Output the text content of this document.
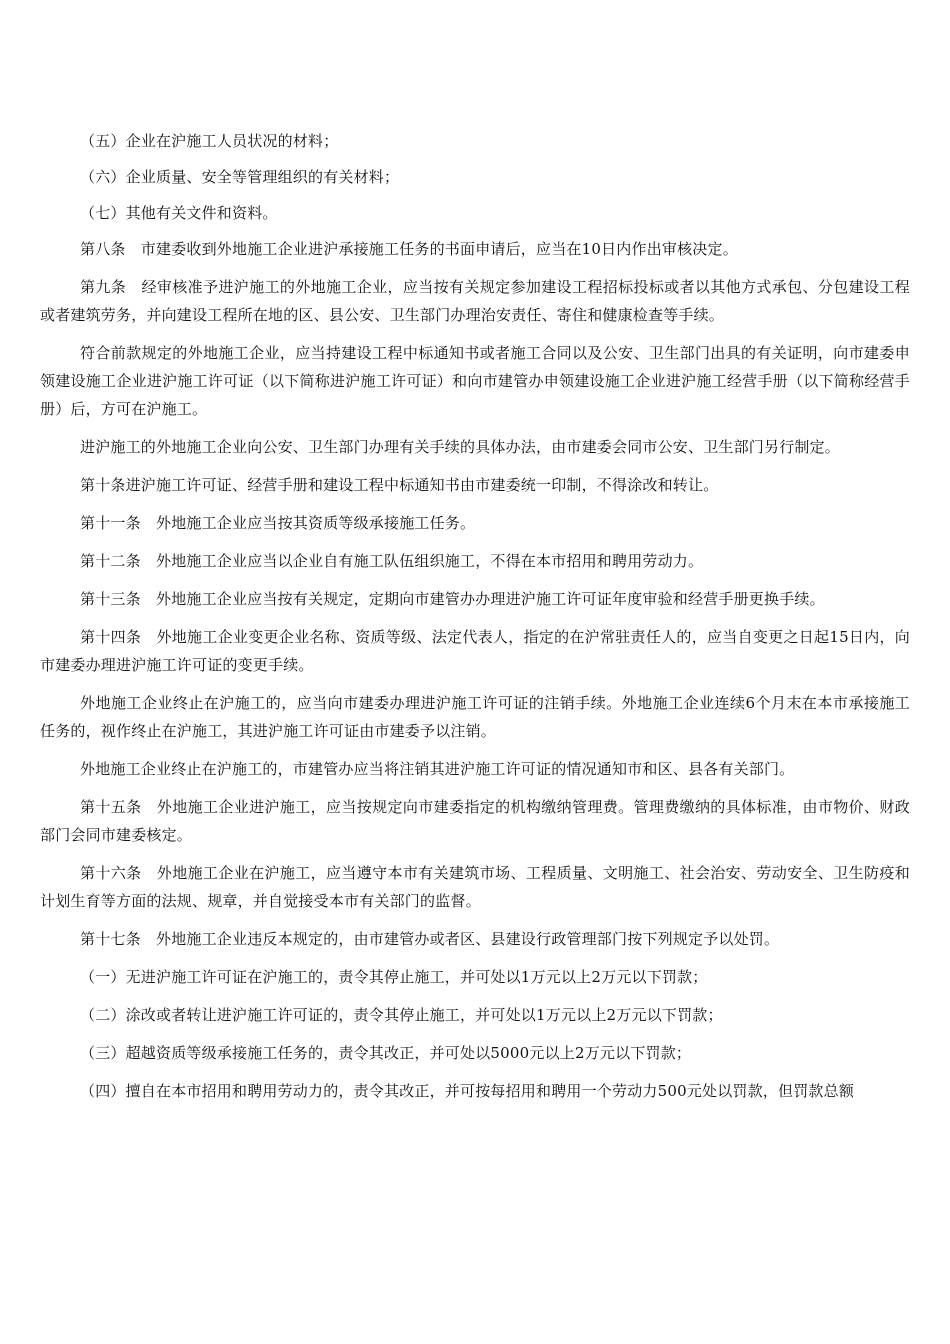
（五）企业在沪施工人员状况的材料；

（六）企业质量、安全等管理组织的有关材料；

（七）其他有关文件和资料。

第八条　市建委收到外地施工企业进沪承接施工任务的书面申请后，应当在10日内作出审核决定。

第九条　经审核准予进沪施工的外地施工企业，应当按有关规定参加建设工程招标投标或者以其他方式承包、分包建设工程或者建筑劳务，并向建设工程所在地的区、县公安、卫生部门办理治安责任、寄住和健康检查等手续。

符合前款规定的外地施工企业，应当持建设工程中标通知书或者施工合同以及公安、卫生部门出具的有关证明，向市建委申领建设施工企业进沪施工许可证（以下简称进沪施工许可证）和向市建管办申领建设施工企业进沪施工经营手册（以下简称经营手册）后，方可在沪施工。

进沪施工的外地施工企业向公安、卫生部门办理有关手续的具体办法，由市建委会同市公安、卫生部门另行制定。

第十条进沪施工许可证、经营手册和建设工程中标通知书由市建委统一印制，不得涂改和转让。

第十一条　外地施工企业应当按其资质等级承接施工任务。

第十二条　外地施工企业应当以企业自有施工队伍组织施工，不得在本市招用和聘用劳动力。

第十三条　外地施工企业应当按有关规定，定期向市建管办办理进沪施工许可证年度审验和经营手册更换手续。

第十四条　外地施工企业变更企业名称、资质等级、法定代表人，指定的在沪常驻责任人的，应当自变更之日起15日内，向市建委办理进沪施工许可证的变更手续。

外地施工企业终止在沪施工的，应当向市建委办理进沪施工许可证的注销手续。外地施工企业连续6个月末在本市承接施工任务的，视作终止在沪施工，其进沪施工许可证由市建委予以注销。

外地施工企业终止在沪施工的，市建管办应当将注销其进沪施工许可证的情况通知市和区、县各有关部门。

第十五条　外地施工企业进沪施工，应当按规定向市建委指定的机构缴纳管理费。管理费缴纳的具体标准，由市物价、财政部门会同市建委核定。

第十六条　外地施工企业在沪施工，应当遵守本市有关建筑市场、工程质量、文明施工、社会治安、劳动安全、卫生防疫和计划生育等方面的法规、规章，并自觉接受本市有关部门的监督。

第十七条　外地施工企业违反本规定的，由市建管办或者区、县建设行政管理部门按下列规定予以处罚。

（一）无进沪施工许可证在沪施工的，责令其停止施工，并可处以1万元以上2万元以下罚款；

（二）涂改或者转让进沪施工许可证的，责令其停止施工，并可处以1万元以上2万元以下罚款；

（三）超越资质等级承接施工任务的，责令其改正，并可处以5000元以上2万元以下罚款；

（四）擅自在本市招用和聘用劳动力的，责令其改正，并可按每招用和聘用一个劳动力500元处以罚款，但罚款总额
